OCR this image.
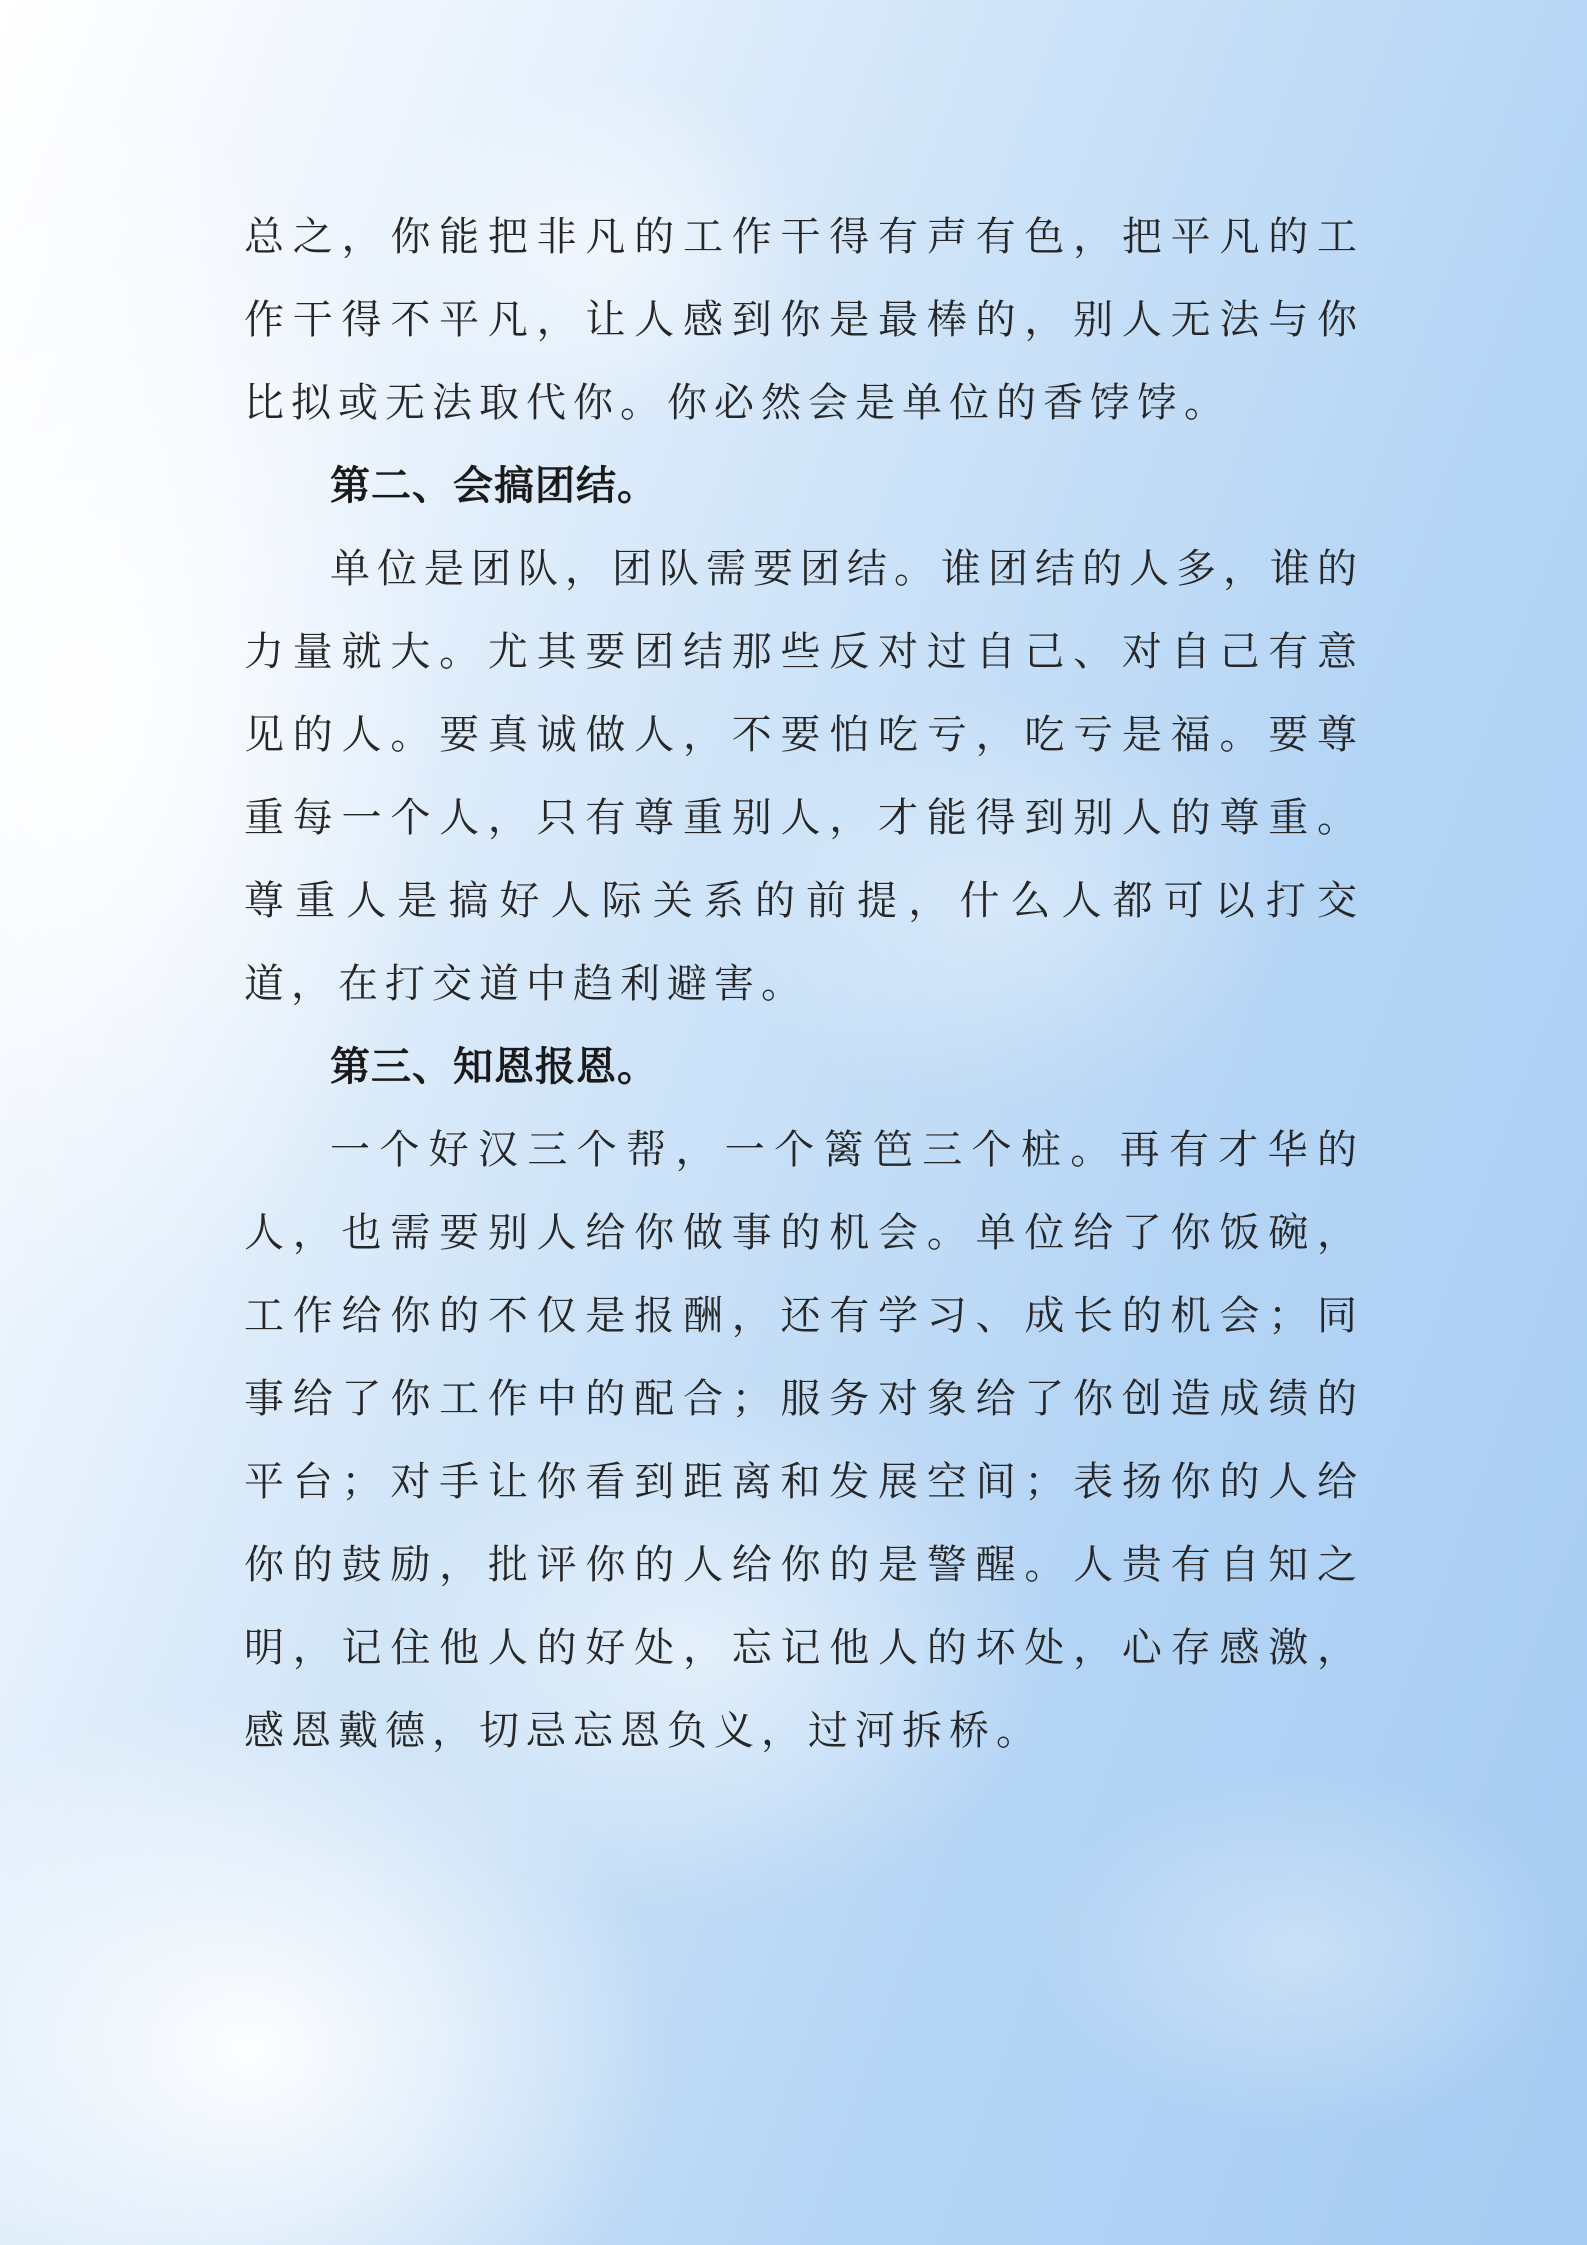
总之，你能把非凡的工作干得有声有色，把平凡的工作干得不平凡，让人感到你是最棒的，别人无法与你比拟或无法取代你。你必然会是单位的香饽饽。

第二、会搞团结。

单位是团队，团队需要团结。谁团结的人多，谁的力量就大。尤其要团结那些反对过自己、对自己有意见的人。要真诚做人，不要怕吃亏，吃亏是福。要尊重每一个人，只有尊重别人，才能得到别人的尊重。尊重人是搞好人际关系的前提，什么人都可以打交道，在打交道中趋利避害。

第三、知恩报恩。

一个好汉三个帮，一个篱笆三个桩。再有才华的人，也需要别人给你做事的机会。单位给了你饭碗，工作给你的不仅是报酬，还有学习、成长的机会；同事给了你工作中的配合；服务对象给了你创造成绩的平台；对手让你看到距离和发展空间；表扬你的人给你的鼓励，批评你的人给你的是警醒。人贵有自知之明，记住他人的好处，忘记他人的坏处，心存感激，感恩戴德，切忌忘恩负义，过河拆桥。
